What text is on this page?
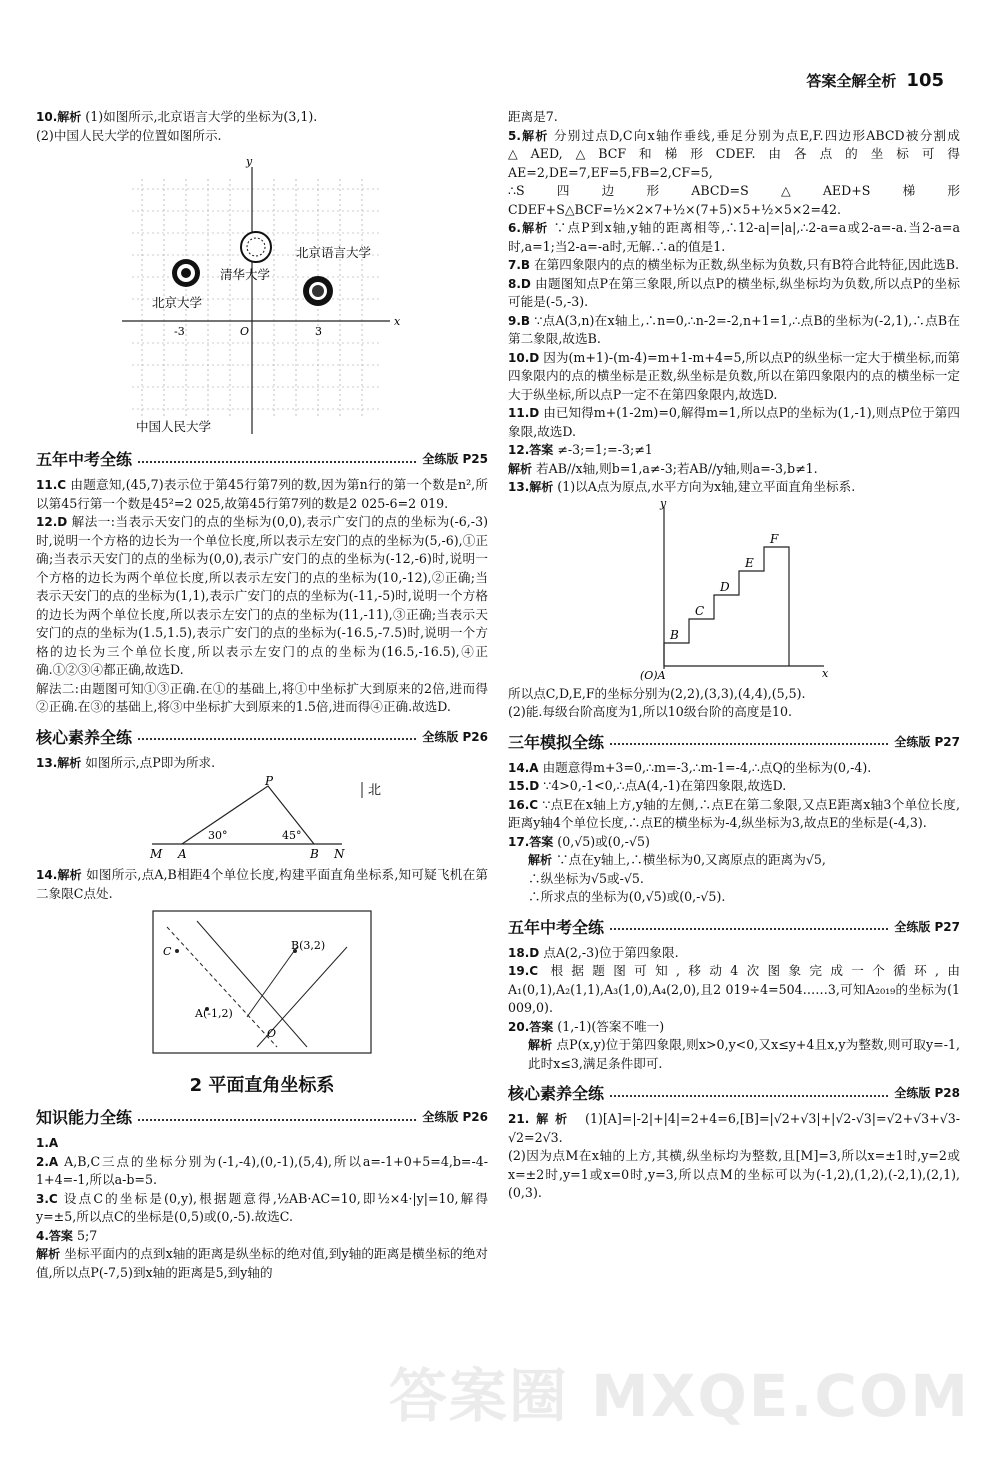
答案全解全析 105
10.解析 (1)如图所示,北京语言大学的坐标为(3,1).
(2)中国人民大学的位置如图所示.
x
y
-3	O	3
北京大学
清华大学
北京语言大学
中国人民大学
五年中考全练	全练版 P25
11.C 由题意知,(45,7)表示位于第45行第7列的数,因为第n行的第一个数是n²,所以第45行第一个数是45²=2 025,故第45行第7列的数是2 025-6=2 019.
12.D 解法一:当表示天安门的点的坐标为(0,0),表示广安门的点的坐标为(-6,-3)时,说明一个方格的边长为一个单位长度,所以表示左安门的点的坐标为(5,-6),①正确;当表示天安门的点的坐标为(0,0),表示广安门的点的坐标为(-12,-6)时,说明一个方格的边长为两个单位长度,所以表示左安门的点的坐标为(10,-12),②正确;当表示天安门的点的坐标为(1,1),表示广安门的点的坐标为(-11,-5)时,说明一个方格的边长为两个单位长度,所以表示左安门的点的坐标为(11,-11),③正确;当表示天安门的点的坐标为(1.5,1.5),表示广安门的点的坐标为(-16.5,-7.5)时,说明一个方格的边长为三个单位长度,所以表示左安门的点的坐标为(16.5,-16.5),④正确.①②③④都正确,故选D.
解法二:由题图可知①③正确.在①的基础上,将①中坐标扩大到原来的2倍,进而得②正确.在③的基础上,将③中坐标扩大到原来的1.5倍,进而得④正确.故选D.
核心素养全练	全练版 P26
13.解析 如图所示,点P即为所求.
P
北
30°	45°
M A	B N
14.解析 如图所示,点A,B相距4个单位长度,构建平面直角坐标系,知可疑飞机在第二象限C点处.
C	B(3,2)
A(-1,2)
O
2 平面直角坐标系
知识能力全练	全练版 P26
1.A
2.A A,B,C三点的坐标分别为(-1,-4),(0,-1),(5,4),所以a=-1+0+5=4,b=-4-1+4=-1,所以a-b=5.
3.C 设点C的坐标是(0,y),根据题意得,½AB·AC=10,即½×4·|y|=10,解得y=±5,所以点C的坐标是(0,5)或(0,-5).故选C.
4.答案 5;7
解析 坐标平面内的点到x轴的距离是纵坐标的绝对值,到y轴的距离是横坐标的绝对值,所以点P(-7,5)到x轴的距离是5,到y轴的
距离是7.
5.解析 分别过点D,C向x轴作垂线,垂足分别为点E,F.四边形ABCD被分割成△AED,△BCF和梯形CDEF.由各点的坐标可得AE=2,DE=7,EF=5,FB=2,CF=5,
∴S四边形ABCD=S△AED+S梯形CDEF+S△BCF=½×2×7+½×(7+5)×5+½×5×2=42.
6.解析 ∵点P到x轴,y轴的距离相等,∴12-a|=|a|,∴2-a=a或2-a=-a.当2-a=a时,a=1;当2-a=-a时,无解.∴a的值是1.
7.B 在第四象限内的点的横坐标为正数,纵坐标为负数,只有B符合此特征,因此选B.
8.D 由题图知点P在第三象限,所以点P的横坐标,纵坐标均为负数,所以点P的坐标可能是(-5,-3).
9.B ∵点A(3,n)在x轴上,∴n=0,∴n-2=-2,n+1=1,∴点B的坐标为(-2,1),∴点B在第二象限,故选B.
10.D 因为(m+1)-(m-4)=m+1-m+4=5,所以点P的纵坐标一定大于横坐标,而第四象限内的点的横坐标是正数,纵坐标是负数,所以在第四象限内的点的横坐标一定大于纵坐标,所以点P一定不在第四象限内,故选D.
11.D 由已知得m+(1-2m)=0,解得m=1,所以点P的坐标为(1,-1),则点P位于第四象限,故选D.
12.答案 ≠-3;=1;=-3;≠1
解析 若AB//x轴,则b=1,a≠-3;若AB//y轴,则a=-3,b≠1.
13.解析 (1)以A点为原点,水平方向为x轴,建立平面直角坐标系.
y
x
(O)A
B
C
D
E
F
所以点C,D,E,F的坐标分别为(2,2),(3,3),(4,4),(5,5).
(2)能.每级台阶高度为1,所以10级台阶的高度是10.
三年模拟全练	全练版 P27
14.A 由题意得m+3=0,∴m=-3,∴m-1=-4,∴点Q的坐标为(0,-4).
15.D ∵4>0,-1<0,∴点A(4,-1)在第四象限,故选D.
16.C ∵点E在x轴上方,y轴的左侧,∴点E在第二象限,又点E距离x轴3个单位长度,距离y轴4个单位长度,∴点E的横坐标为-4,纵坐标为3,故点E的坐标是(-4,3).
17.答案 (0,√5)或(0,-√5)
解析 ∵点在y轴上,∴横坐标为0,又离原点的距离为√5,
∴纵坐标为√5或-√5.
∴所求点的坐标为(0,√5)或(0,-√5).
五年中考全练	全练版 P27
18.D 点A(2,-3)位于第四象限.
19.C 根据题图可知,移动4次图象完成一个循环,由A₁(0,1),A₂(1,1),A₃(1,0),A₄(2,0),且2 019÷4=504……3,可知A₂₀₁₉的坐标为(1 009,0).
20.答案 (1,-1)(答案不唯一)
解析 点P(x,y)位于第四象限,则x>0,y<0,又x≤y+4且x,y为整数,则可取y=-1,此时x≤3,满足条件即可.
核心素养全练	全练版 P28
21.解析 (1)[A]=|-2|+|4|=2+4=6,[B]=|√2+√3|+|√2-√3|=√2+√3+√3-√2=2√3.
(2)因为点M在x轴的上方,其横,纵坐标均为整数,且[M]=3,所以x=±1时,y=2或x=±2时,y=1或x=0时,y=3,所以点M的坐标可以为(-1,2),(1,2),(-2,1),(2,1),(0,3).
答案圈 MXQE.COM
